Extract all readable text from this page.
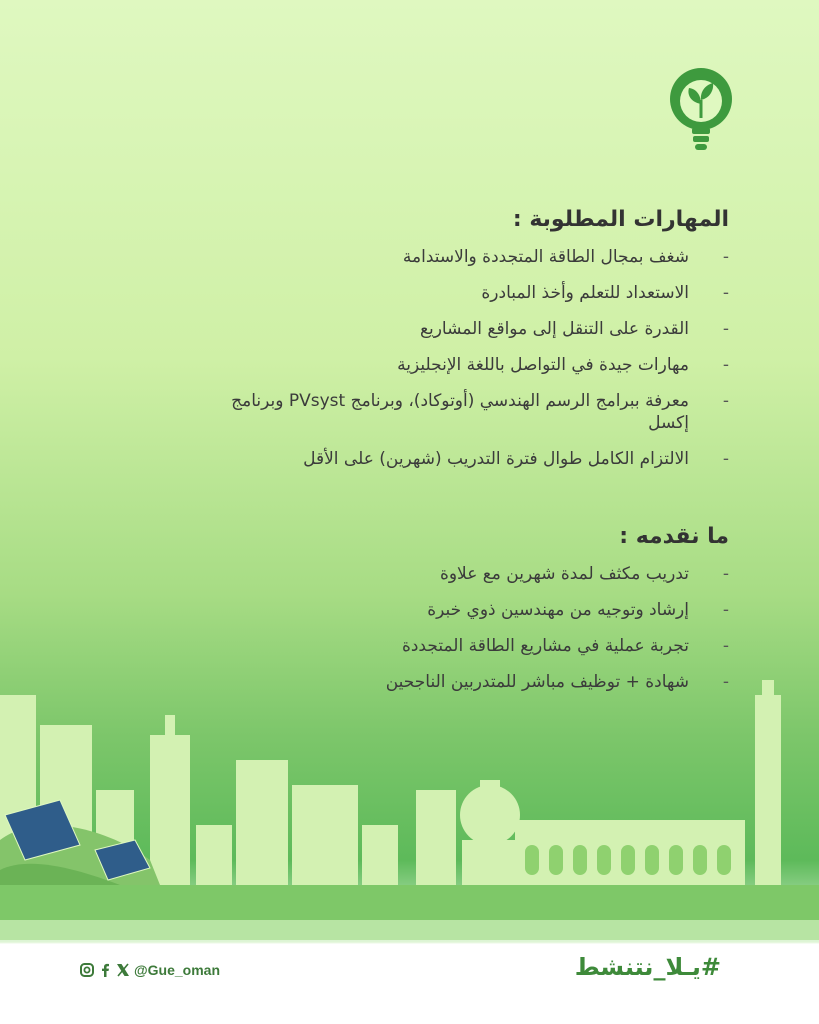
المهارات المطلوبة :
-
شغف بمجال الطاقة المتجددة والاستدامة
-
الاستعداد للتعلم وأخذ المبادرة
-
القدرة على التنقل إلى مواقع المشاريع
-
مهارات جيدة في التواصل باللغة الإنجليزية
-
معرفة ببرامج الرسم الهندسي (أوتوكاد)، وبرنامج PVsyst وبرنامج إكسل
-
الالتزام الكامل طوال فترة التدريب (شهرين) على الأقل
ما نقدمه :
-
تدريب مكثف لمدة شهرين مع علاوة
-
إرشاد وتوجيه من مهندسين ذوي خبرة
-
تجربة عملية في مشاريع الطاقة المتجددة
-
شهادة + توظيف مباشر للمتدربين الناجحين
@Gue_oman	#يـلا_نتنشط
